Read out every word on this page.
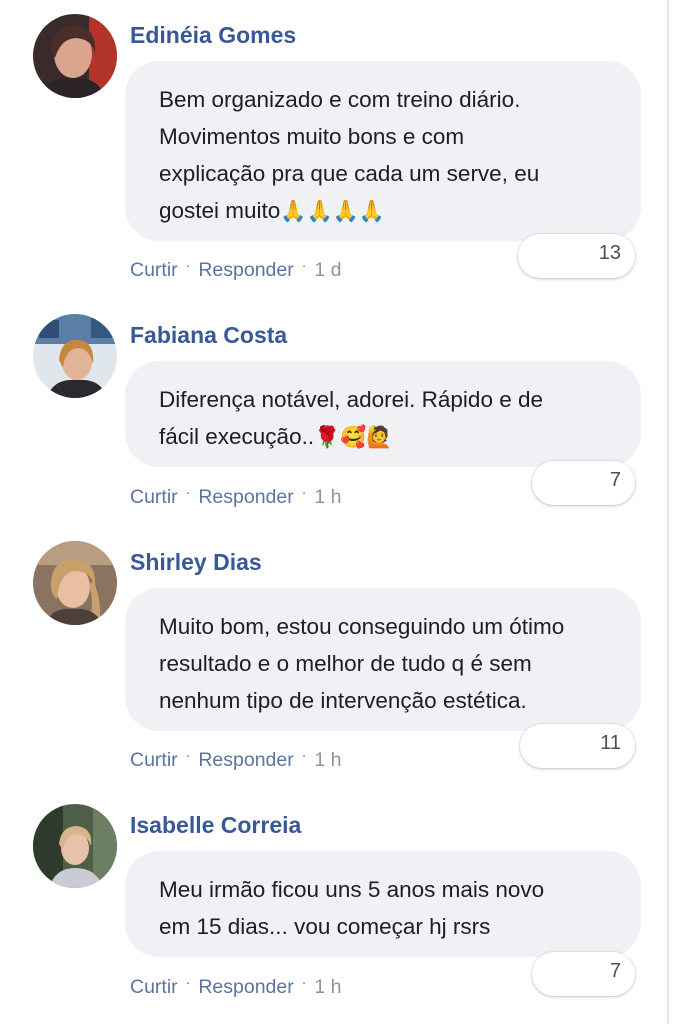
Edinéia Gomes

Bem organizado e com treino diário.

Movimentos muito bons e com

explicação pra que cada um serve, eu

gostei muito🙏🙏🙏🙏

13
Curtir · Responder · 1 d
Fabiana Costa

Diferença notável, adorei. Rápido e de

fácil execução..🌹🥰🙋

7
Curtir · Responder · 1 h
Shirley Dias

Muito bom, estou conseguindo um ótimo

resultado e o melhor de tudo q é sem

nenhum tipo de intervenção estética.

11
Curtir · Responder · 1 h
Isabelle Correia

Meu irmão ficou uns 5 anos mais novo

em 15 dias... vou começar hj rsrs

7
Curtir · Responder · 1 h
